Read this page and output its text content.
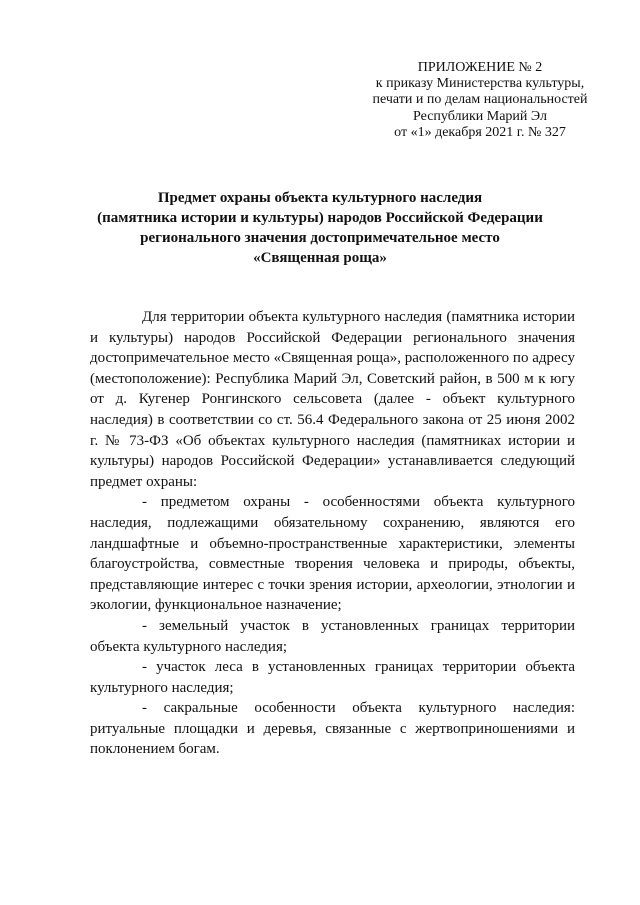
ПРИЛОЖЕНИЕ № 2
к приказу Министерства культуры,
печати и по делам национальностей
Республики Марий Эл
от «1» декабря 2021 г. № 327
Предмет охраны объекта культурного наследия
(памятника истории и культуры) народов Российской Федерации
регионального значения достопримечательное место
«Священная роща»

Для территории объекта культурного наследия (памятника истории и культуры) народов Российской Федерации регионального значения достопримечательное место «Священная роща», расположенного по адресу (местоположение): Республика Марий Эл, Советский район, в 500 м к югу от д. Кугенер Ронгинского сельсовета (далее - объект культурного наследия) в соответствии со ст. 56.4 Федерального закона от 25 июня 2002 г. № 73-ФЗ «Об объектах культурного наследия (памятниках истории и культуры) народов Российской Федерации» устанавливается следующий предмет охраны:

- предметом охраны - особенностями объекта культурного наследия, подлежащими обязательному сохранению, являются его ландшафтные и объемно-пространственные характеристики, элементы благоустройства, совместные творения человека и природы, объекты, представляющие интерес с точки зрения истории, археологии, этнологии и экологии, функциональное назначение;

- земельный участок в установленных границах территории объекта культурного наследия;

- участок леса в установленных границах территории объекта культурного наследия;

- сакральные особенности объекта культурного наследия: ритуальные площадки и деревья, связанные с жертвоприношениями и поклонением богам.
